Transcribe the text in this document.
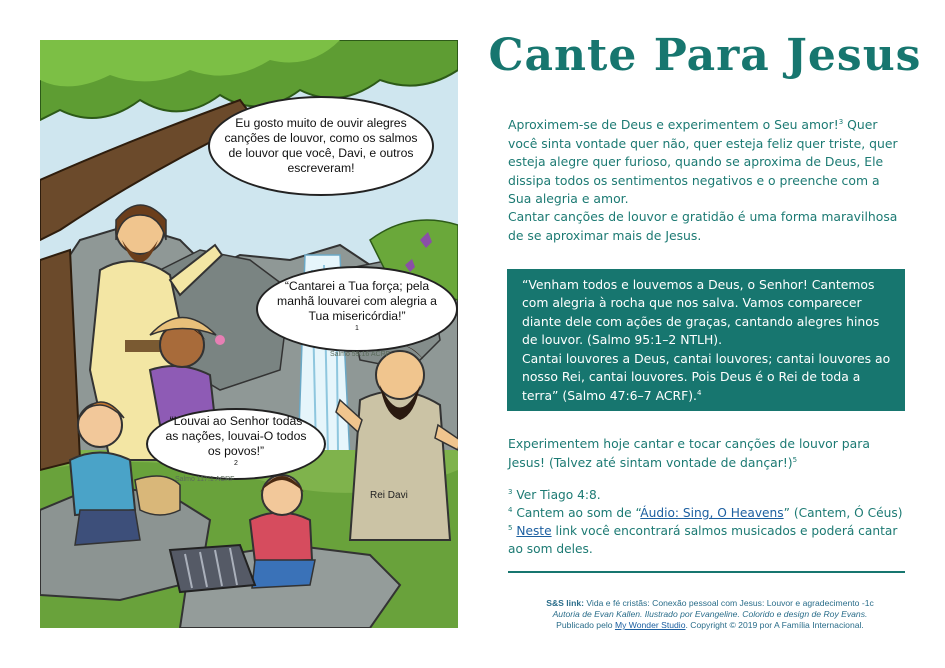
Eu gosto muito de ouvir alegres
canções de louvor, como os salmos
de louvor que você, Davi, e outros
escreveram!
“Cantarei a Tua força; pela
manhã louvarei com alegria a
Tua misericórdia!”
$^1$
“Louvai ao Senhor todas
as nações, louvai-O todos
os povos!”
$^2$
Salmo 59:16 ACRF
Salmo 117:1 ACRF
Rei Davi
Cante Para Jesus

Aproximem-se de Deus e experimentem o Seu amor!$^3$ Quer você sinta vontade quer não, quer esteja feliz quer triste, quer esteja alegre quer furioso, quando se aproxima de Deus, Ele dissipa todos os sentimentos negativos e o preenche com a Sua alegria e amor.

Cantar canções de louvor e gratidão é uma forma maravilhosa de se aproximar mais de Jesus.

“Venham todos e louvemos a Deus, o Senhor! Cantemos com alegria à rocha que nos salva. Vamos comparecer diante dele com ações de graças, cantando alegres hinos de louvor. (Salmo 95:1–2 NTLH).

Cantai louvores a Deus, cantai louvores; cantai louvores ao nosso Rei, cantai louvores. Pois Deus é o Rei de toda a terra” (Salmo 47:6–7 ACRF).$^4$

Experimentem hoje cantar e tocar canções de louvor para Jesus! (Talvez até sintam vontade de dançar!)$^5$

$^3$ Ver Tiago 4:8.
$^4$ Cantem ao som de “Áudio: Sing, O Heavens” (Cantem, Ó Céus)
$^5$ Neste link você encontrará salmos musicados e poderá cantar ao som deles.
S&S link: Vida e fé cristãs: Conexão pessoal com Jesus: Louvor e agradecimento -1c
Autoria de Evan Kallen. Ilustrado por Evangeline. Colorido e design de Roy Evans.
Publicado pelo My Wonder Studio. Copyright © 2019 por A Família Internacional.
